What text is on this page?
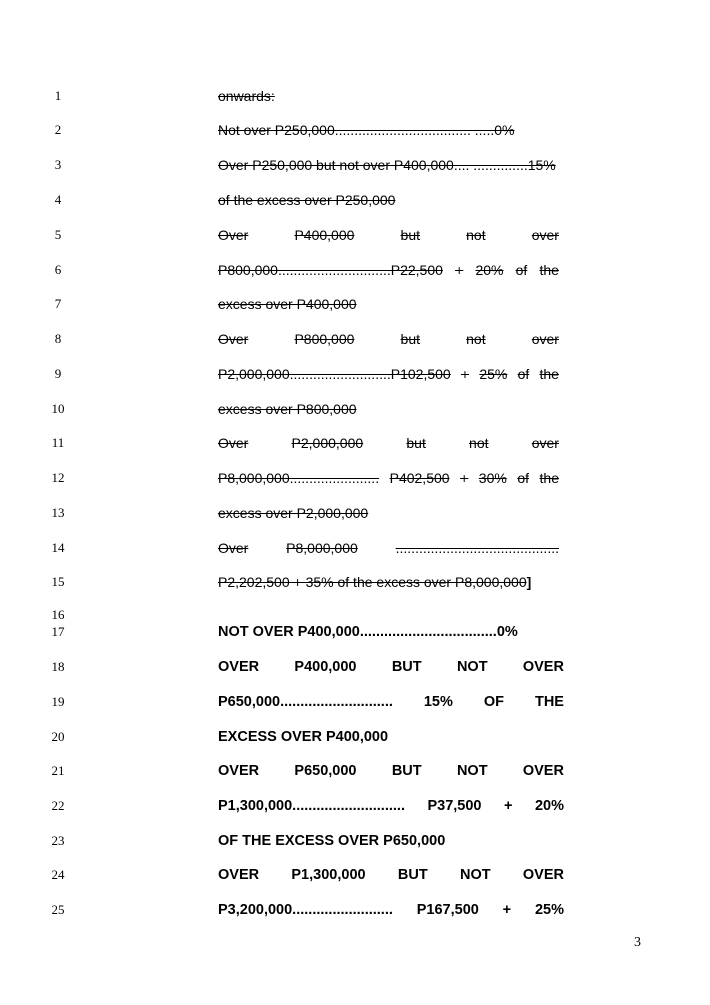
1
2
3
4
5
6
7
8
9
10
11
12
13
14
15
16
17
18
19
20
21
22
23
24
25
onwards:
Not over P250,000................................... .....0%
Over P250,000 but not over P400,000.... ..............15%
of the excess over P250,000
Over	P400,000	but	not	over
P800,000.............................P22,500 + 20% of the
excess over P400,000
Over	P800,000	but	not	over
P2,000,000..........................P102,500 + 25% of the
excess over P800,000
Over	P2,000,000	but	not	over
P8,000,000....................... P402,500 + 30% of the
excess over P2,000,000
Over	P8,000,000	..........................................
P2,202,500 + 35% of the excess over P8,000,000]
NOT OVER P400,000..................................0%
OVER P400,000 BUT NOT OVER
P650,000............................ 15% OF THE
EXCESS OVER P400,000
OVER P650,000 BUT NOT OVER
P1,300,000............................ P37,500 + 20%
OF THE EXCESS OVER P650,000
OVER P1,300,000 BUT NOT OVER
P3,200,000......................... P167,500 + 25%
3
